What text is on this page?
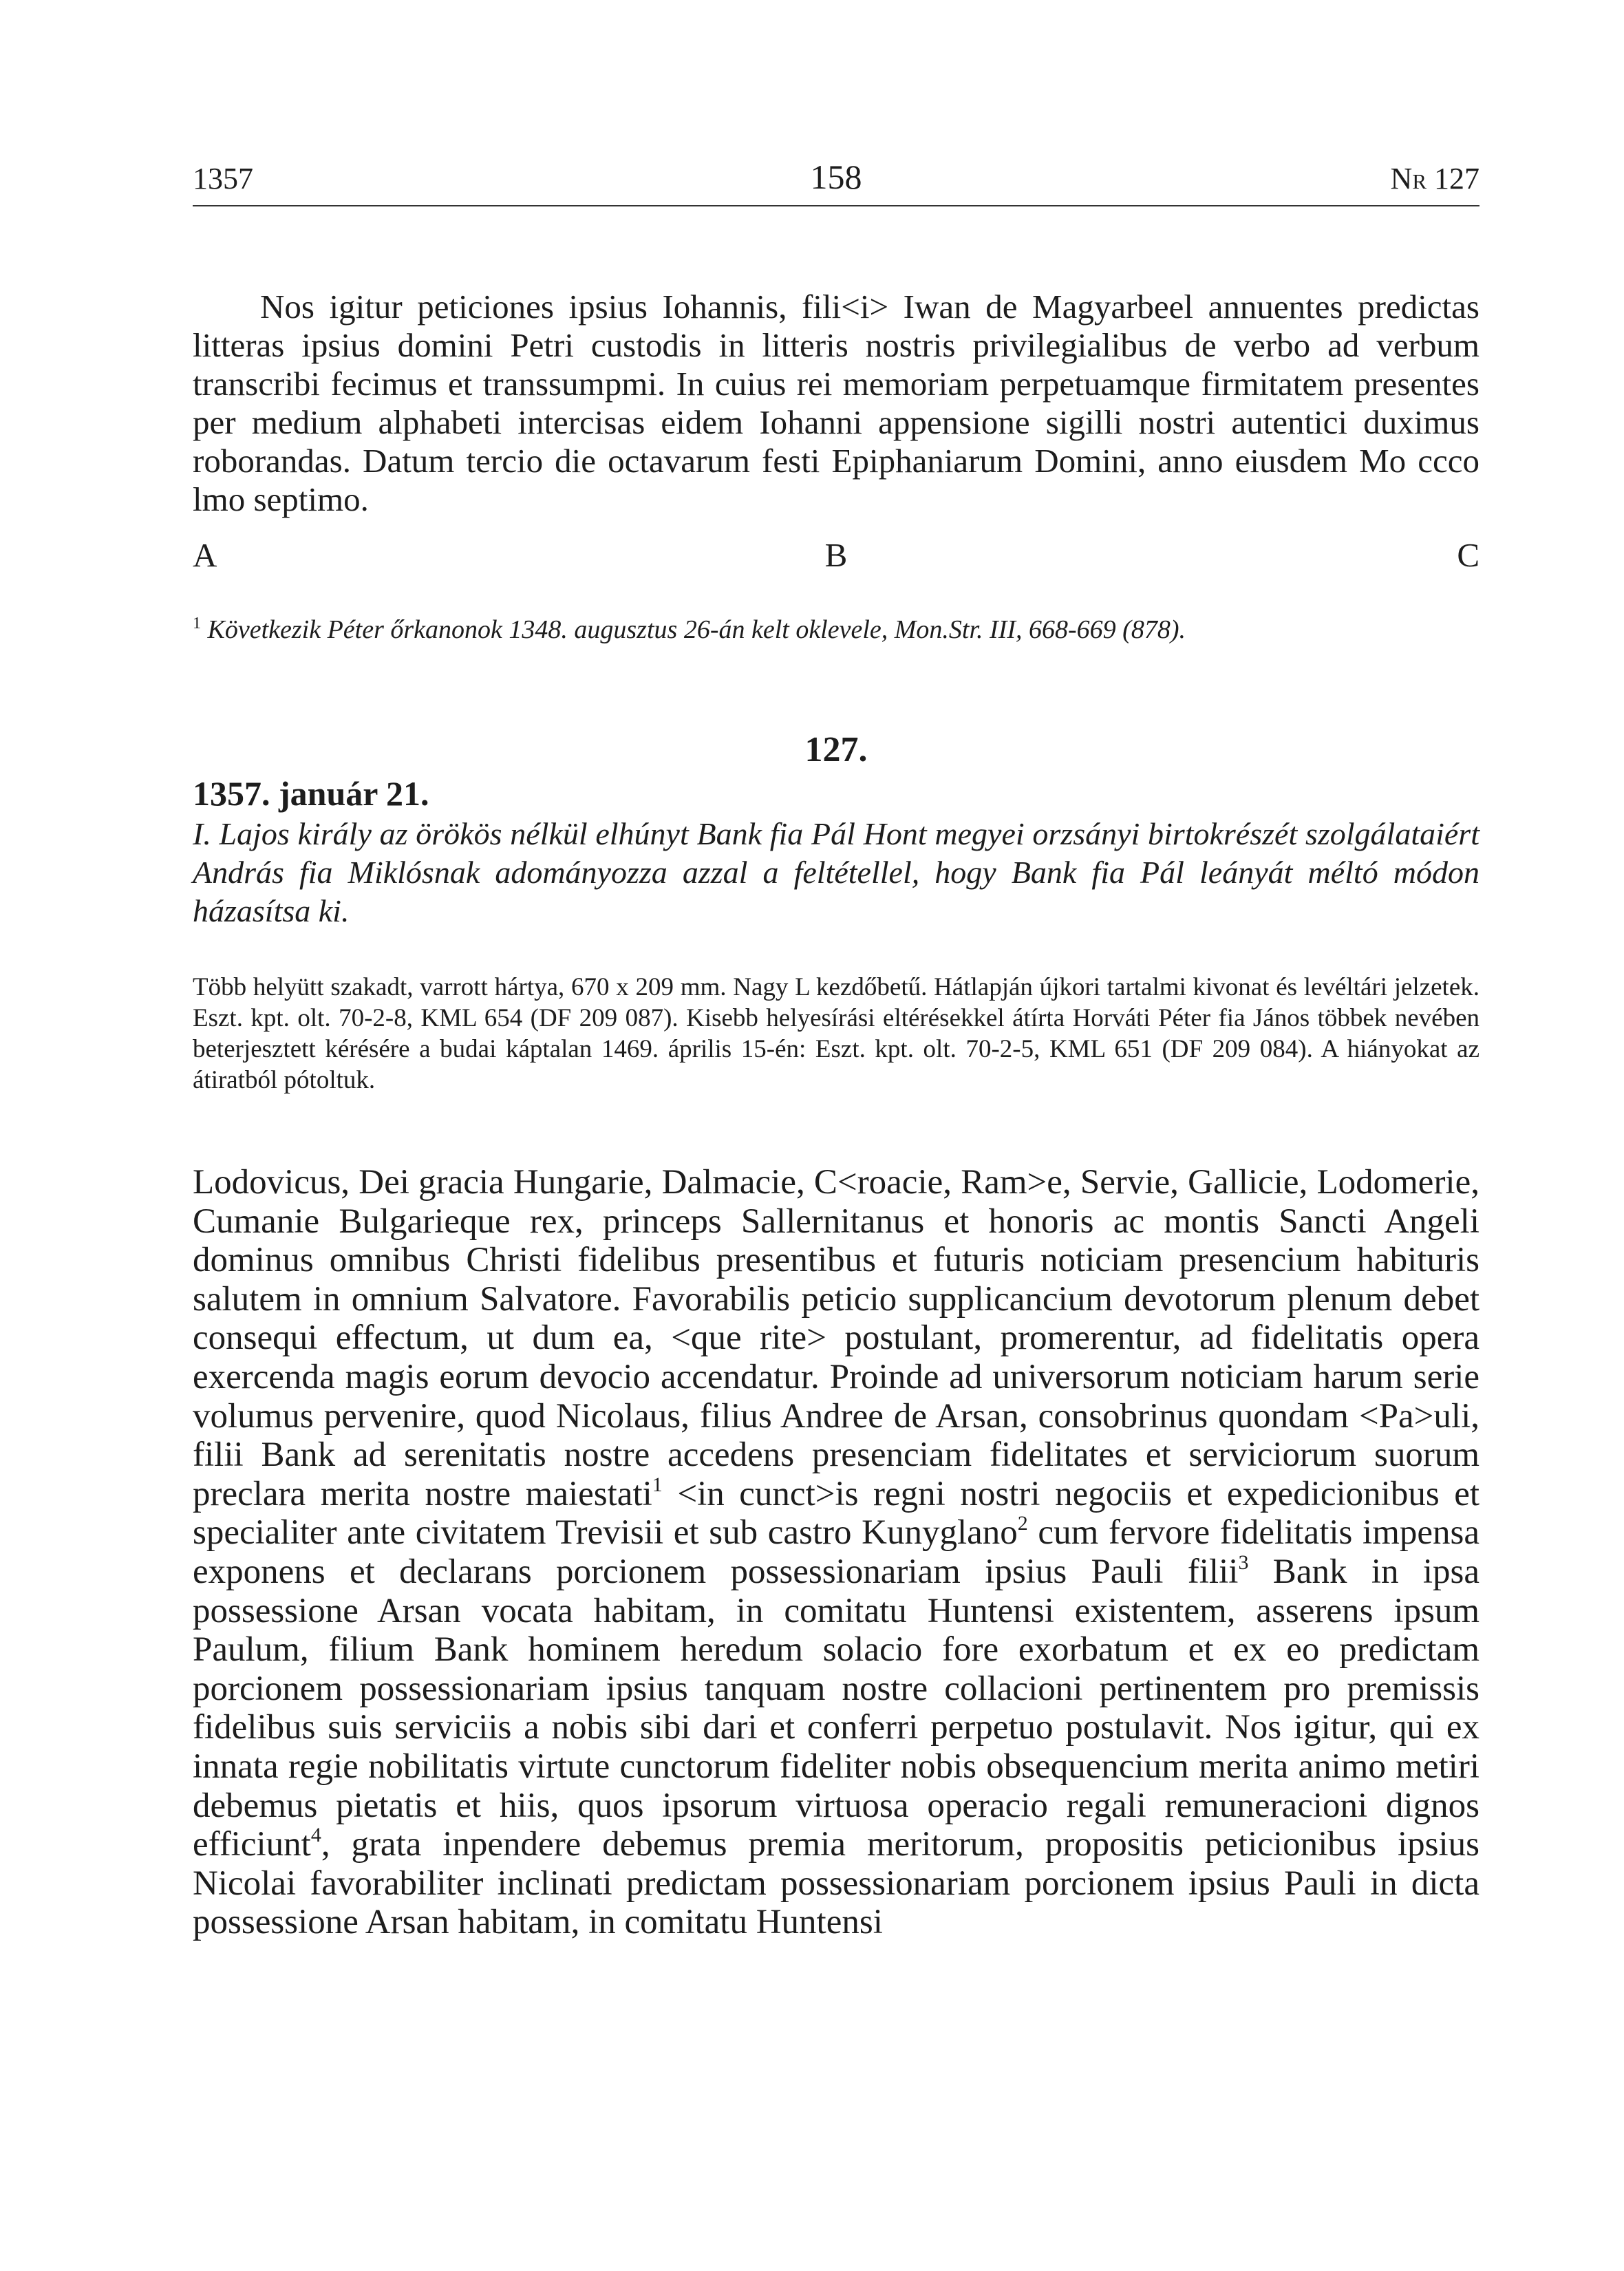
1357	158	Nr 127
Nos igitur peticiones ipsius Iohannis, fili<i> Iwan de Magyarbeel annuentes predictas litteras ipsius domini Petri custodis in litteris nostris privilegialibus de verbo ad verbum transcribi fecimus et transsumpmi. In cuius rei memoriam perpetuamque firmitatem presentes per medium alphabeti intercisas eidem Iohanni appensione sigilli nostri autentici duximus roborandas. Datum tercio die octavarum festi Epiphaniarum Domini, anno eiusdem Mo ccco lmo septimo.
A	B	C
$^1$ Következik Péter őrkanonok 1348. augusztus 26-án kelt oklevele, Mon.Str. III, 668-669 (878).
127.
1357. január 21.
I. Lajos király az örökös nélkül elhúnyt Bank fia Pál Hont megyei orzsányi birtokrészét szolgálataiért András fia Miklósnak adományozza azzal a feltétellel, hogy Bank fia Pál leányát méltó módon házasítsa ki.
Több helyütt szakadt, varrott hártya, 670 x 209 mm. Nagy L kezdőbetű. Hátlapján újkori tartalmi kivonat és levéltári jelzetek. Eszt. kpt. olt. 70-2-8, KML 654 (DF 209 087). Kisebb helyesírási eltérésekkel átírta Horváti Péter fia János többek nevében beterjesztett kérésére a budai káptalan 1469. április 15-én: Eszt. kpt. olt. 70-2-5, KML 651 (DF 209 084). A hiányokat az átiratból pótoltuk.
Lodovicus, Dei gracia Hungarie, Dalmacie, C<roacie, Ram>e, Servie, Gallicie, Lodomerie, Cumanie Bulgarieque rex, princeps Sallernitanus et honoris ac montis Sancti Angeli dominus omnibus Christi fidelibus presentibus et futuris noticiam presencium habituris salutem in omnium Salvatore. Favorabilis peticio supplicancium devotorum plenum debet consequi effectum, ut dum ea, <que rite> postulant, promerentur, ad fidelitatis opera exercenda magis eorum devocio accendatur. Proinde ad universorum noticiam harum serie volumus pervenire, quod Nicolaus, filius Andree de Arsan, consobrinus quondam <Pa>uli, filii Bank ad serenitatis nostre accedens presenciam fidelitates et serviciorum suorum preclara merita nostre maiestati$^1$ <in cunct>is regni nostri negociis et expedicionibus et specialiter ante civitatem Trevisii et sub castro Kunyglano$^2$ cum fervore fidelitatis impensa exponens et declarans porcionem possessionariam ipsius Pauli filii$^3$ Bank in ipsa possessione Arsan vocata habitam, in comitatu Huntensi existentem, asserens ipsum Paulum, filium Bank hominem heredum solacio fore exorbatum et ex eo predictam porcionem possessionariam ipsius tanquam nostre collacioni pertinentem pro premissis fidelibus suis serviciis a nobis sibi dari et conferri perpetuo postulavit. Nos igitur, qui ex innata regie nobilitatis virtute cunctorum fideliter nobis obsequencium merita animo metiri debemus pietatis et hiis, quos ipsorum virtuosa operacio regali remuneracioni dignos efficiunt$^4$, grata inpendere debemus premia meritorum, propositis peticionibus ipsius Nicolai favorabiliter inclinati predictam possessionariam porcionem ipsius Pauli in dicta possessione Arsan habitam, in comitatu Huntensi
